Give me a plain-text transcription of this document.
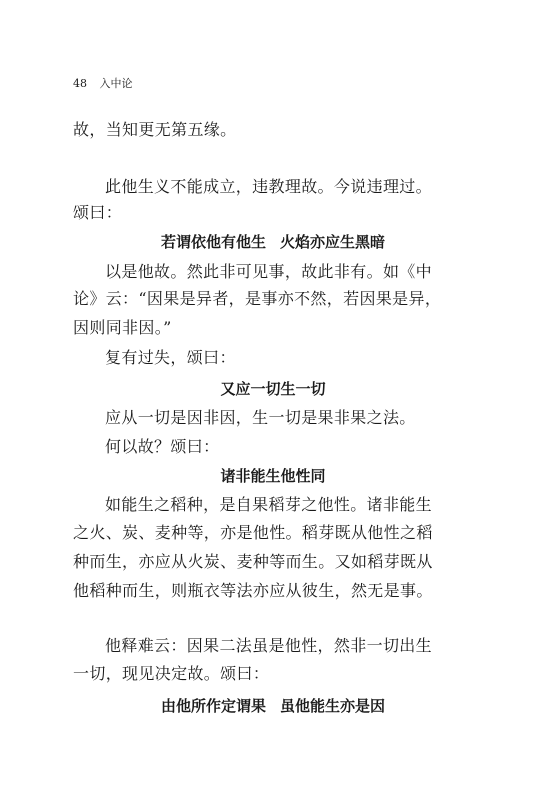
48 入中论
故，当知更无第五缘。
此他生义不能成立，违教理故。今说违理过。
颂曰：
若谓依他有他生 火焰亦应生黑暗
以是他故。然此非可见事，故此非有。如《中
论》云：“因果是异者，是事亦不然，若因果是异，
因则同非因。”
复有过失，颂曰：
又应一切生一切
应从一切是因非因，生一切是果非果之法。
何以故？颂曰：
诸非能生他性同
如能生之稻种，是自果稻芽之他性。诸非能生
之火、炭、麦种等，亦是他性。稻芽既从他性之稻
种而生，亦应从火炭、麦种等而生。又如稻芽既从
他稻种而生，则瓶衣等法亦应从彼生，然无是事。
他释难云：因果二法虽是他性，然非一切出生
一切，现见决定故。颂曰：
由他所作定谓果 虽他能生亦是因
